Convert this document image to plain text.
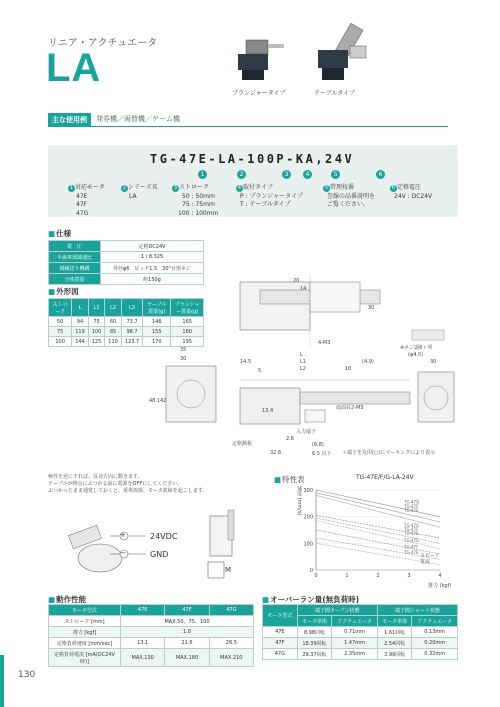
リニア・アクチュエータ
LA
プランジャータイプ	テーブルタイプ
主な使用例	発券機／両替機／ゲーム機
■
TG-47E-LA-100P-KA,24V
1	2	3	4	5	6
1 対応モータ
47E
47F
47G
2 シリーズ名
LA
3 ストローク
50 : 50mm
75 : 75mm
100 : 100mm
4 取付タイプ
P : プランジャータイプ
T : テーブルタイプ
5 管理枝番
巻線の品番説明を
ご覧ください。
6 定格電圧
24V : DC24V
■ 仕様
電　圧	定格DC24V
平歯車部減速比	1 / 8.325
親軸送り機構	外径φ6　ピッチ1.5　30°台形ネジ
全体質量	約150g
■ 外形図
ストローク	L	L1	L2	L3	テーブル質量(g)	プランジャー質量(g)
50	94	75	60	73.7	146	165
75	119	100	85	98.7	155	180
100	144	125	110	123.7	170	195
20
14
30
4-M3
35
30
48.1 42
14.5
5
L
L1
L2
(4.9)
10
30
皿面長2-M3
13.4
入力端子
2.6
定格銘板	(6.8)
32.6	6.5 以下
(φ4.5)
※ネジ頭6ヶ所
＋端子を丸印(○)にマーキングにより表示
極性を逆にすれば、反対方向に動きます。
テーブルが終点にぶつかる前に電源をOFFにしてください。
ぶつかったまま通電しておくと、重車故障、モータ故障を起こします。
+
−
24VDC
GND
M
■ 特性表	TG-47E/F/G-LA-24V
300
200
100
0
0	1	2	3	4
TG-47G
TG-47F
TG-47E
TG-47G
TG-47F
TG-47E
TG-47G
TG-47F
TG-47E
速度 (mm/s)
推力 (kgf)
スピード
電流
■ 動作性能
モータ型式	47E	47F	47G
ストローク [mm]	MAX.50、75、100		
推力 [kgf]	1.0		
定格負荷速度 [mm/sec]	13.1	21.6	28.5
定格負荷電流 [mA(DC24V時)]	MAX.130	MAX.180	MAX.210
■ オーバーラン量(無負荷時)
モータ型式	端子間オープン状態		端子間ショート状態	
	モータ単体	アクチュエータ	モータ単体	アクチュエータ
47E	8.98回転	0.71mm	1.61回転	0.13mm
47F	18.39回転	1.47mm	2.54回転	0.20mm
47G	29.37回転	2.35mm	3.99回転	0.32mm
130
